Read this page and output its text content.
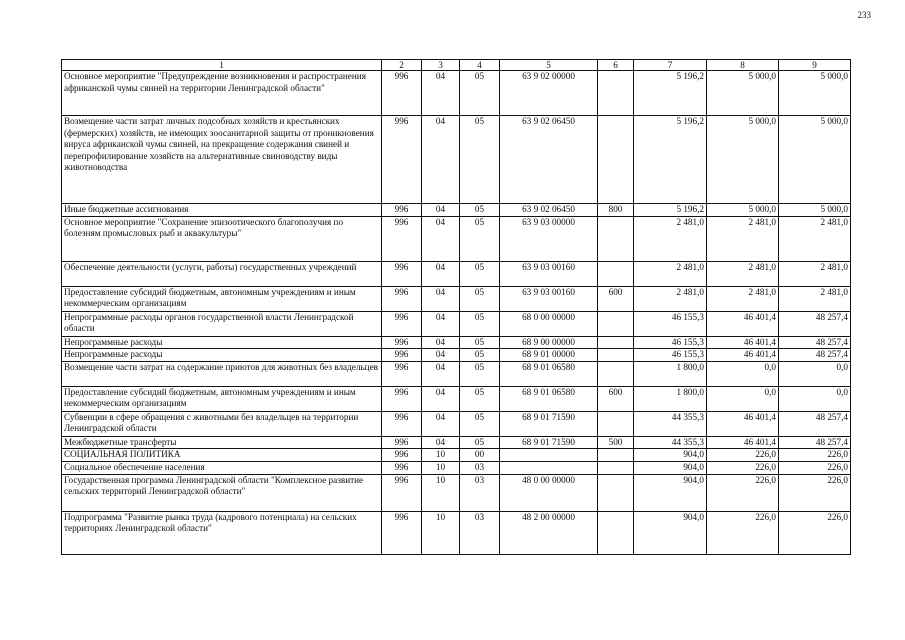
233
1	2	3	4	5	6	7	8	9
Основное мероприятие "Предупреждение возникновения и распространения африканской чумы свиней на территории Ленинградской области"	996	04	05	63 9 02 00000		5 196,2	5 000,0	5 000,0
Возмещение части затрат личных подсобных хозяйств и крестьянских (фермерских) хозяйств, не имеющих зоосанитарной защиты от проникновения вируса африканской чумы свиней, на прекращение содержания свиней и перепрофилирование хозяйств на альтернативные свиноводству виды животноводства	996	04	05	63 9 02 06450		5 196,2	5 000,0	5 000,0
Иные бюджетные ассигнования	996	04	05	63 9 02 06450	800	5 196,2	5 000,0	5 000,0
Основное мероприятие "Сохранение эпизоотического благополучия по болезням промысловых рыб и аквакультуры"	996	04	05	63 9 03 00000		2 481,0	2 481,0	2 481,0
Обеспечение деятельности (услуги, работы) государственных учреждений	996	04	05	63 9 03 00160		2 481,0	2 481,0	2 481,0
Предоставление субсидий бюджетным, автономным учреждениям и иным некоммерческим организациям	996	04	05	63 9 03 00160	600	2 481,0	2 481,0	2 481,0
Непрограммные расходы органов государственной власти Ленинградской области	996	04	05	68 0 00 00000		46 155,3	46 401,4	48 257,4
Непрограммные расходы	996	04	05	68 9 00 00000		46 155,3	46 401,4	48 257,4
Непрограммные расходы	996	04	05	68 9 01 00000		46 155,3	46 401,4	48 257,4
Возмещение части затрат на содержание приютов для животных без владельцев	996	04	05	68 9 01 06580		1 800,0	0,0	0,0
Предоставление субсидий бюджетным, автономным учреждениям и иным некоммерческим организациям	996	04	05	68 9 01 06580	600	1 800,0	0,0	0,0
Субвенции в сфере обращения с животными без владельцев на территории Ленинградской области	996	04	05	68 9 01 71590		44 355,3	46 401,4	48 257,4
Межбюджетные трансферты	996	04	05	68 9 01 71590	500	44 355,3	46 401,4	48 257,4
СОЦИАЛЬНАЯ ПОЛИТИКА	996	10	00			904,0	226,0	226,0
Социальное обеспечение населения	996	10	03			904,0	226,0	226,0
Государственная программа Ленинградской области "Комплексное развитие сельских территорий Ленинградской области"	996	10	03	48 0 00 00000		904,0	226,0	226,0
Подпрограмма "Развитие рынка труда (кадрового потенциала) на сельских территориях Ленинградской области"	996	10	03	48 2 00 00000		904,0	226,0	226,0
